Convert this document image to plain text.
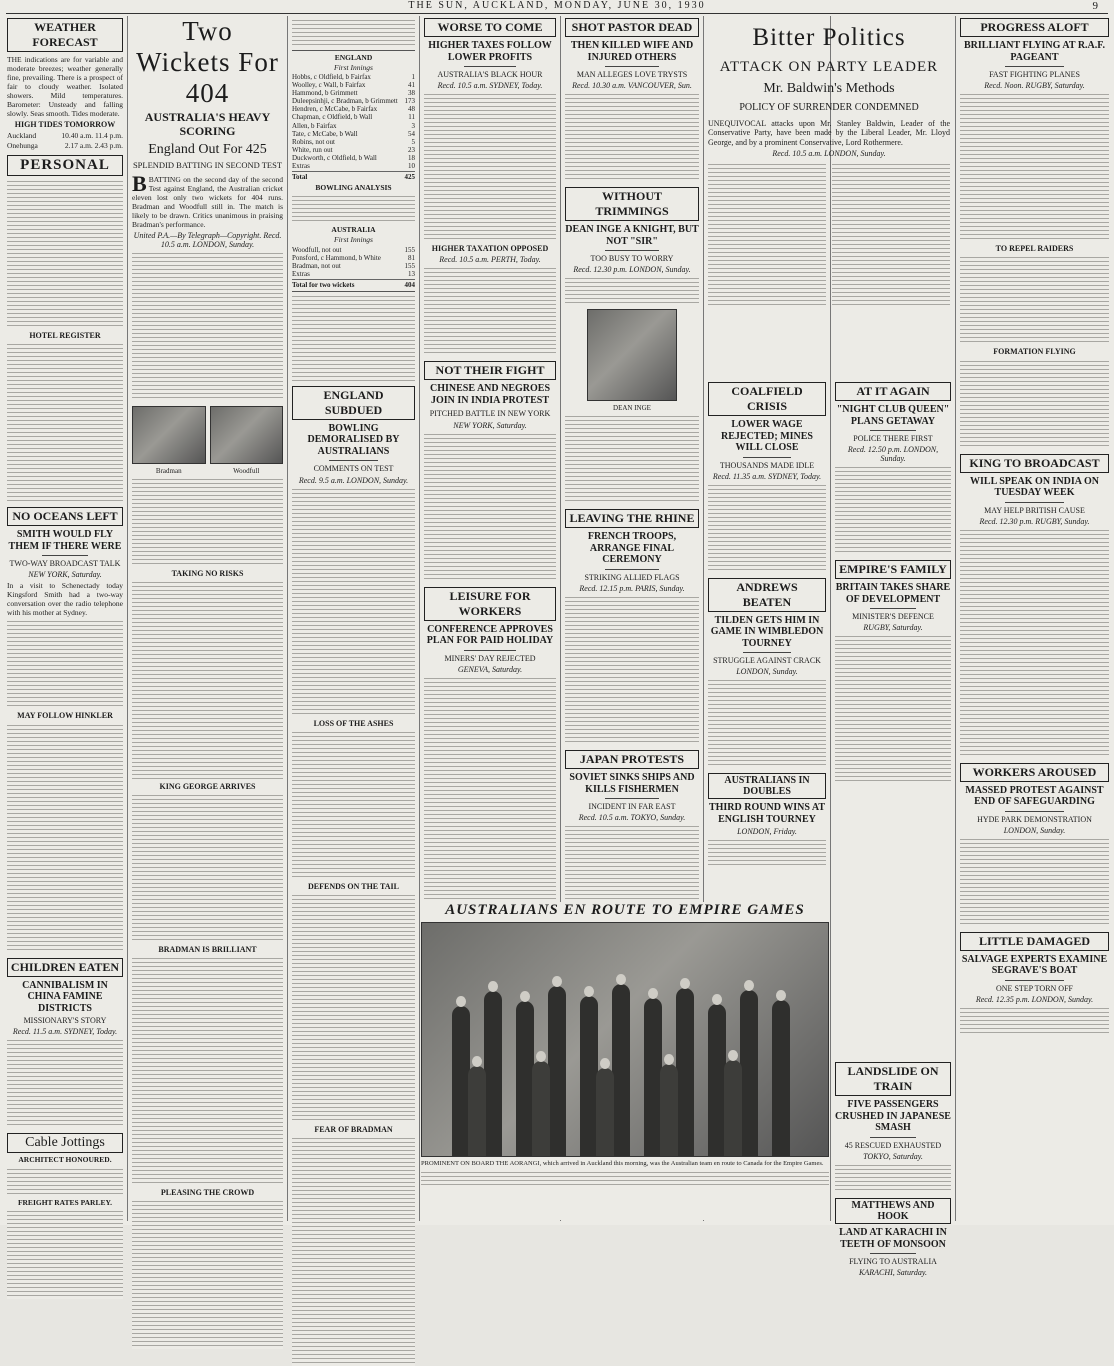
THE SUN, AUCKLAND, MONDAY, JUNE 30, 1930	9
WEATHER FORECAST

THE indications are for variable and moderate breezes; weather generally fine, prevailing. There is a prospect of fair to cloudy weather. Isolated showers. Mild temperatures. Barometer: Unsteady and falling slowly. Seas smooth. Tides moderate.

HIGH TIDES TOMORROW
Auckland	10.40 a.m. 11.4 p.m.
Onehunga	2.17 a.m. 2.43 p.m.
PERSONAL
HOTEL REGISTER
NO OCEANS LEFT
SMITH WOULD FLY THEM IF THERE WERE
TWO-WAY BROADCAST TALK
NEW YORK, Saturday.

In a visit to Schenectady today Kingsford Smith had a two-way conversation over the radio telephone with his mother at Sydney.

MAY FOLLOW HINKLER
CHILDREN EATEN
CANNIBALISM IN CHINA FAMINE DISTRICTS
MISSIONARY'S STORY
Recd. 11.5 a.m. SYDNEY, Today.
Cable Jottings
ARCHITECT HONOURED.
FREIGHT RATES PARLEY.
Two Wickets For 404
AUSTRALIA'S HEAVY SCORING
England Out For 425
SPLENDID BATTING IN SECOND TEST

BBATTING on the second day of the second Test against England, the Australian cricket eleven lost only two wickets for 404 runs. Bradman and Woodfull still in. The match is likely to be drawn. Critics unanimous in praising Bradman's performance.

United P.A.—By Telegraph—Copyright. Recd. 10.5 a.m. LONDON, Sunday.
Bradman	Woodfull
TAKING NO RISKS
KING GEORGE ARRIVES
BRADMAN IS BRILLIANT
PLEASING THE CROWD
ENGLAND
First Innings
Hobbs, c Oldfield, b Fairfax	1
Woolley, c Wall, b Fairfax	41
Hammond, b Grimmett	38
Duleepsinhji, c Bradman, b Grimmett 173
Hendren, c McCabe, b Fairfax	48
Chapman, c Oldfield, b Wall	11
Allen, b Fairfax	3
Tate, c McCabe, b Wall	54
Robins, not out	5
White, run out	23
Duckworth, c Oldfield, b Wall	18
Extras	10
Total	425
BOWLING ANALYSIS
AUSTRALIA
First Innings
Woodfull, not out	155
Ponsford, c Hammond, b White	81
Bradman, not out	155
Extras	13
Total for two wickets	404
ENGLAND SUBDUED
BOWLING DEMORALISED BY AUSTRALIANS
COMMENTS ON TEST
Recd. 9.5 a.m. LONDON, Sunday.
LOSS OF THE ASHES
DEFENDS ON THE TAIL
FEAR OF BRADMAN
WORSE TO COME
HIGHER TAXES FOLLOW LOWER PROFITS
AUSTRALIA'S BLACK HOUR
Recd. 10.5 a.m. SYDNEY, Today.
HIGHER TAXATION OPPOSED
Recd. 10.5 a.m. PERTH, Today.
NOT THEIR FIGHT
CHINESE AND NEGROES JOIN IN INDIA PROTEST
PITCHED BATTLE IN NEW YORK
NEW YORK, Saturday.
LEISURE FOR WORKERS
CONFERENCE APPROVES PLAN FOR PAID HOLIDAY
MINERS' DAY REJECTED
GENEVA, Saturday.
SHOT PASTOR DEAD
THEN KILLED WIFE AND INJURED OTHERS
MAN ALLEGES LOVE TRYSTS
Recd. 10.30 a.m. VANCOUVER, Sun.
WITHOUT TRIMMINGS
DEAN INGE A KNIGHT, BUT NOT "SIR"
TOO BUSY TO WORRY
Recd. 12.30 p.m. LONDON, Sunday.
DEAN INGE
LEAVING THE RHINE
FRENCH TROOPS, ARRANGE FINAL CEREMONY
STRIKING ALLIED FLAGS
Recd. 12.15 p.m. PARIS, Sunday.
JAPAN PROTESTS
SOVIET SINKS SHIPS AND KILLS FISHERMEN
INCIDENT IN FAR EAST
Recd. 10.5 a.m. TOKYO, Sunday.
Bitter Politics
ATTACK ON PARTY LEADER
Mr. Baldwin's Methods
POLICY OF SURRENDER CONDEMNED

UNEQUIVOCAL attacks upon Mr. Stanley Baldwin, Leader of the Conservative Party, have been made by the Liberal Leader, Mr. Lloyd George, and by a prominent Conservative, Lord Rothermere.

Recd. 10.5 a.m. LONDON, Sunday.
COALFIELD CRISIS
LOWER WAGE REJECTED; MINES WILL CLOSE
THOUSANDS MADE IDLE
Recd. 11.35 a.m. SYDNEY, Today.
ANDREWS BEATEN
TILDEN GETS HIM IN GAME IN WIMBLEDON TOURNEY
STRUGGLE AGAINST CRACK
LONDON, Sunday.
AUSTRALIANS IN DOUBLES
THIRD ROUND WINS AT ENGLISH TOURNEY
LONDON, Friday.
AT IT AGAIN
"NIGHT CLUB QUEEN" PLANS GETAWAY
POLICE THERE FIRST
Recd. 12.50 p.m. LONDON, Sunday.
EMPIRE'S FAMILY
BRITAIN TAKES SHARE OF DEVELOPMENT
MINISTER'S DEFENCE
RUGBY, Saturday.
LANDSLIDE ON TRAIN
FIVE PASSENGERS CRUSHED IN JAPANESE SMASH
45 RESCUED EXHAUSTED
TOKYO, Saturday.
MATTHEWS AND HOOK
LAND AT KARACHI IN TEETH OF MONSOON
FLYING TO AUSTRALIA
KARACHI, Saturday.
AUSTRALIANS EN ROUTE TO EMPIRE GAMES

PROMINENT ON BOARD THE AORANGI, which arrived in Auckland this morning, was the Australian team en route to Canada for the Empire Games.

PROGRESS ALOFT
BRILLIANT FLYING AT R.A.F. PAGEANT
FAST FIGHTING PLANES
Recd. Noon. RUGBY, Saturday.
TO REPEL RAIDERS
FORMATION FLYING
KING TO BROADCAST
WILL SPEAK ON INDIA ON TUESDAY WEEK
MAY HELP BRITISH CAUSE
Recd. 12.30 p.m. RUGBY, Sunday.
WORKERS AROUSED
MASSED PROTEST AGAINST END OF SAFEGUARDING
HYDE PARK DEMONSTRATION
LONDON, Sunday.
LITTLE DAMAGED
SALVAGE EXPERTS EXAMINE SEGRAVE'S BOAT
ONE STEP TORN OFF
Recd. 12.35 p.m. LONDON, Sunday.
